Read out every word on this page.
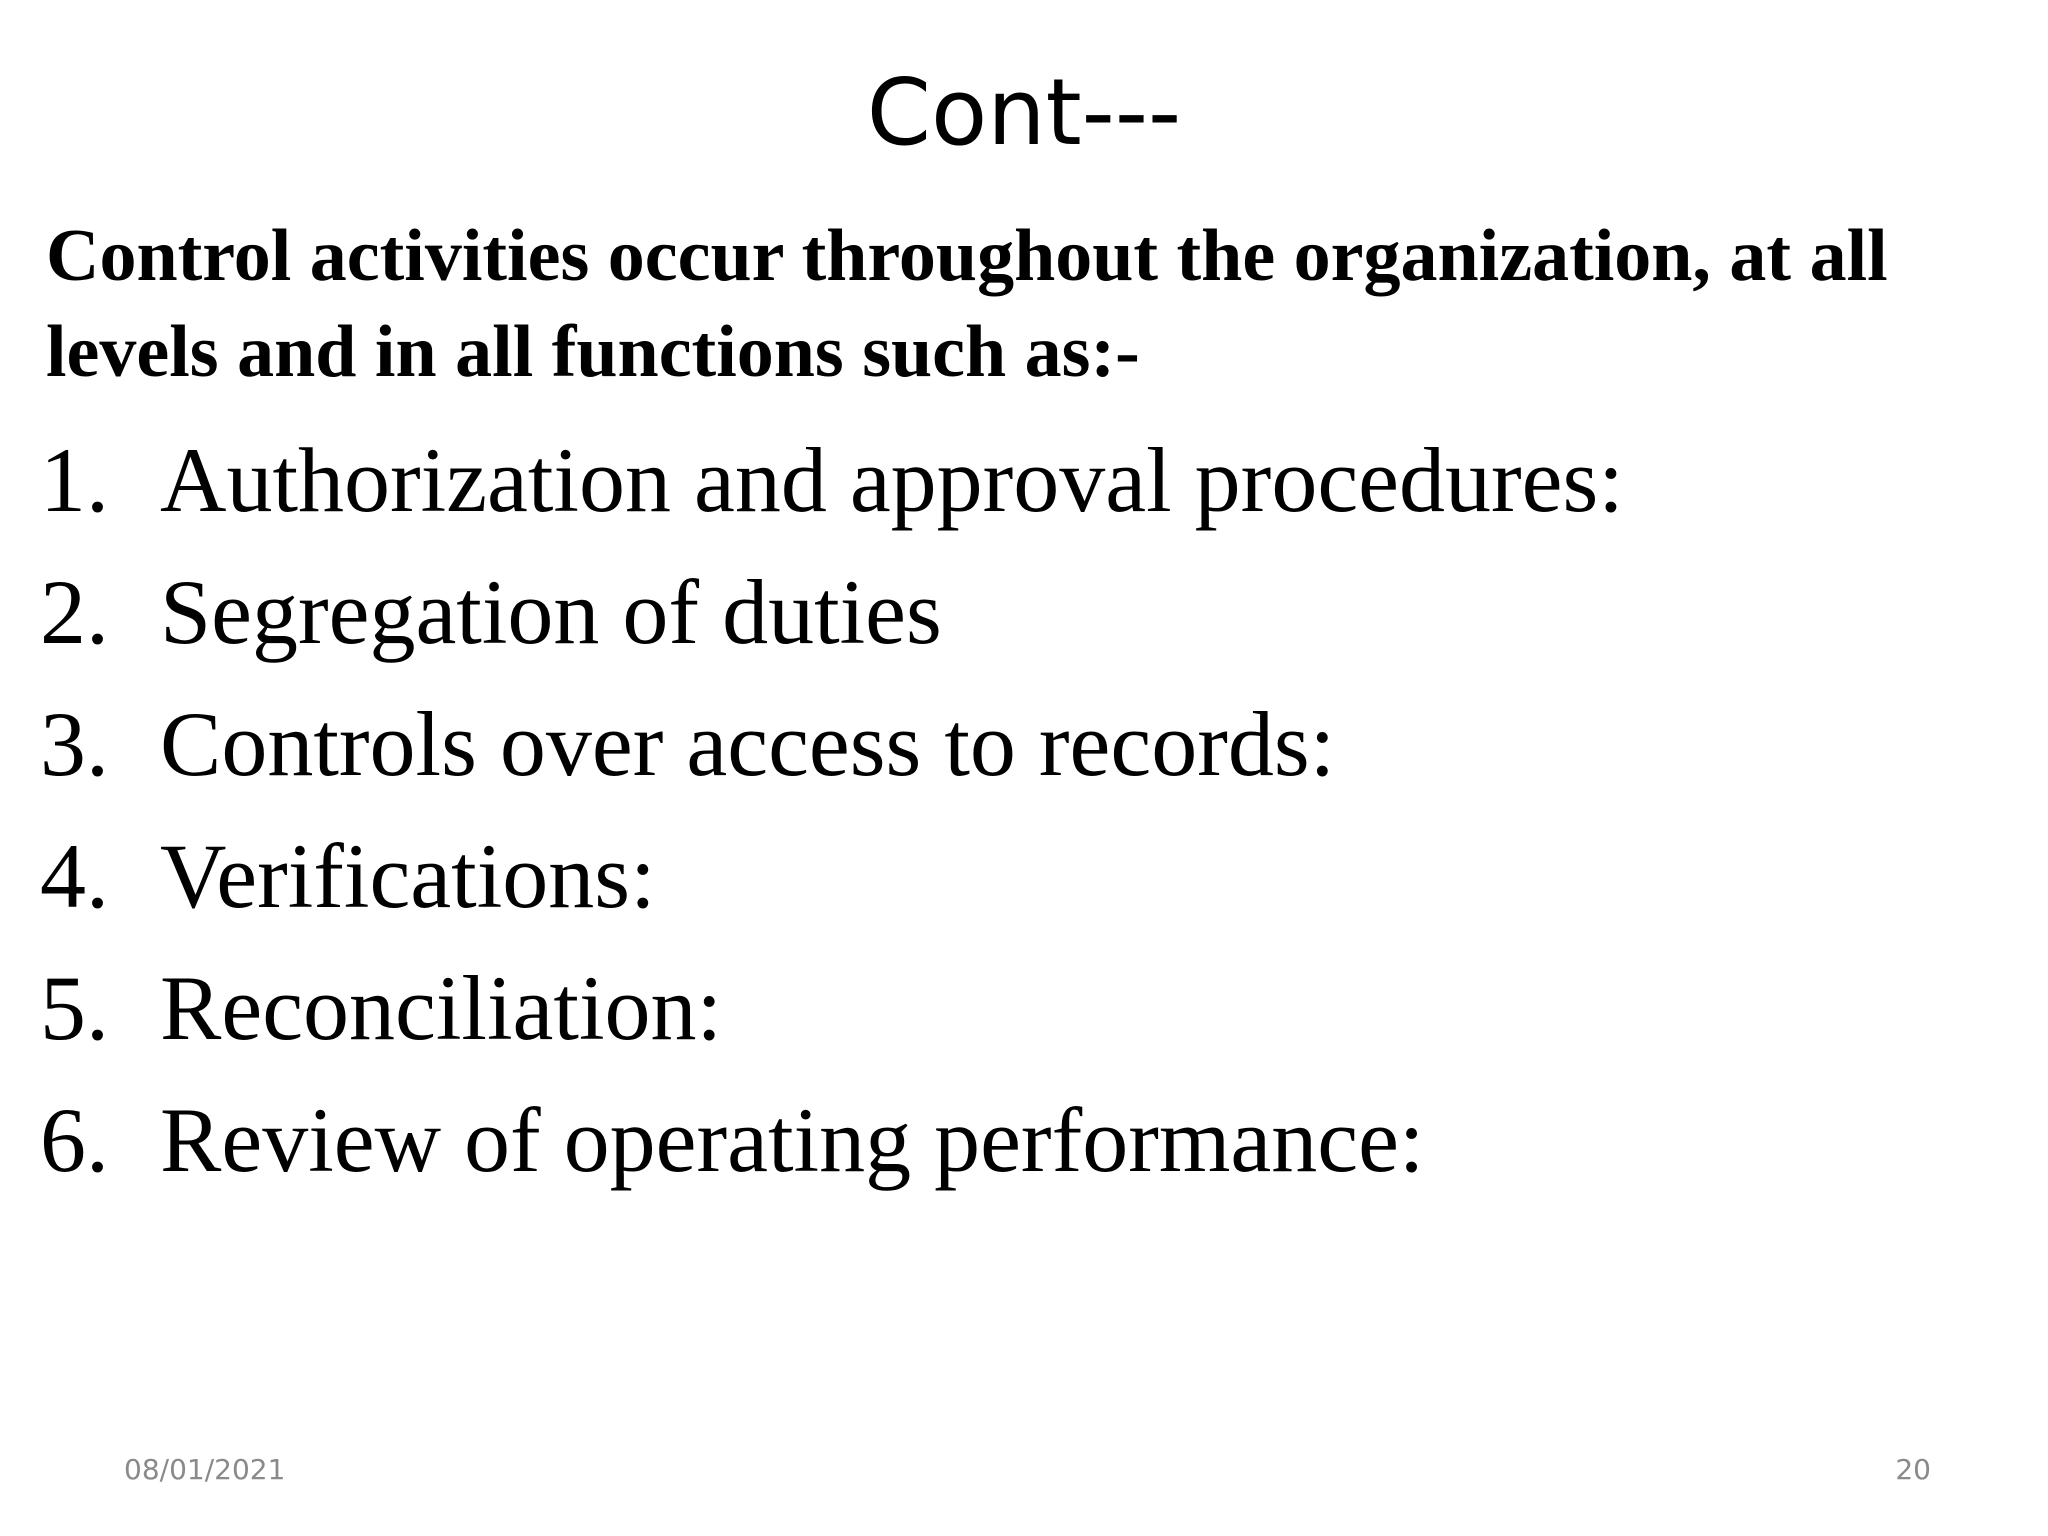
Cont---
Control activities occur throughout the organization, at all levels and in all functions such as:-
1. Authorization and approval procedures:
2. Segregation of duties
3. Controls over access to records:
4. Verifications:
5. Reconciliation:
6. Review of operating performance:
08/01/2021	20
